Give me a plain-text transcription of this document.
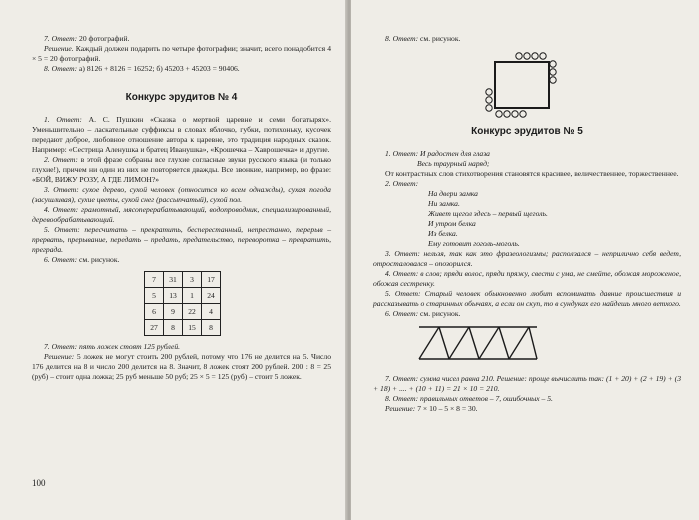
7. Ответ: 20 фотографий.

Решение. Каждый должен подарить по четыре фотографии; значит, всего понадобится 4 × 5 = 20 фотографий.

8. Ответ: а) 8126 + 8126 = 16252; б) 45203 + 45203 = 90406.

Конкурс эрудитов № 4

1. Ответ: А. С. Пушкин «Сказка о мертвой царевне и семи богатырях». Уменьшительно – ласкательные суффиксы в словах яблочко, губки, потихоньку, кусочек передают доброе, любовное отношение автора к царевне, это традиция народных сказок. Например: «Сестрица Аленушка и братец Иванушка», «Крошечка – Хаврошечка» и другие.

2. Ответ: в этой фразе собраны все глухие согласные звуки русского языка (и только глухие!), причем ни один из них не повторяется дважды. Все звонкие, например, во фразе: «БОЙ, ВИЖУ РОЗУ, А ГДЕ ЛИМОН?»

3. Ответ: сухое дерево, сухой человек (относится ко всем однажды), сухая погода (засушливая), сухие цветы, сухой снег (рассыпчатый), сухой пол.

4. Ответ: грамотный, мясоперерабатывающий, водопроводник, специализированный, деревообрабатывающий.

5. Ответ: пересчитать – прекратить, бесперестанный, непрестанно, перерыв – прервать, прерывание, передать – предать, предательство, переворотка – превратить, преграда.

6. Ответ: см. рисунок.

7	31	3	17
5	13	1	24
6	9	22	4
27	8	15	8

7. Ответ: пять ложек стоят 125 рублей.

Решение: 5 ложек не могут стоить 200 рублей, потому что 176 не делится на 5. Число 176 делится на 8 и число 200 делится на 8. Значит, 8 ложек стоят 200 рублей. 200 : 8 = 25 (руб) – стоит одна ложка; 25 руб меньше 50 руб; 25 × 5 = 125 (руб) – стоит 5 ложек.

100

8. Ответ: см. рисунок.

Конкурс эрудитов № 5

1. Ответ: И радостен для глаза

Весь траурный наряд;

От контрастных слов стихотворения становятся красивее, величественнее, торжественнее.

2. Ответ:

На двери замка

Ни замка.

Живет щегол здесь – первый щеголь.

И утром белка

Из белка.

Ему готовит гоголь-моголь.

3. Ответ: нельзя, так как это фразеологизмы; расползался – неприлично себя ведет, отросталовался – опозорился.

4. Ответ: в слов; пряди волос, пряди пряжу, свести с ума, не смейте, обожая мороженое, обожая сестренку.

5. Ответ: Старый человек обыкновенно любит вспоминать давние происшествия и рассказывать о старинных обычаях, а если он скуп, то в сундуках его найдешь много ветхого.

6. Ответ: см. рисунок.

7. Ответ: сумма чисел равна 210. Решение: проще вычислить так: (1 + 20) + (2 + 19) + (3 + 18) + .... + (10 + 11) = 21 × 10 = 210.

8. Ответ: правильных ответов – 7, ошибочных – 5.

Решение: 7 × 10 – 5 × 8 = 30.
